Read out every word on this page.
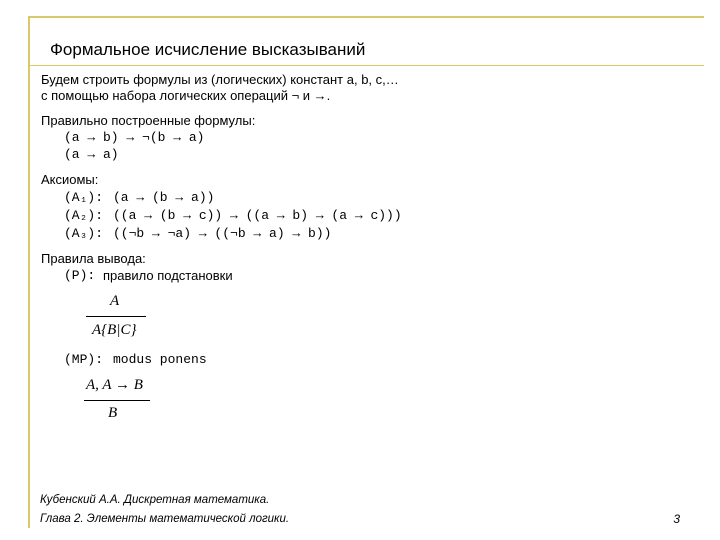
Формальное исчисление высказываний
Будем строить формулы из (логических) констант a, b, c,…
с помощью набора логических операций ¬ и →.
Правильно построенные формулы:
(a → b) → ¬(b → a)
(a → a)
Аксиомы:
(A₁): (a → (b → a))
(A₂): ((a → (b → c)) → ((a → b) → (a → c)))
(A₃): ((¬b → ¬a) → ((¬b → a) → b))
Правила вывода:
(P): правило подстановки
A
A{B|C}
(MP): modus ponens
A, A → B
B
Кубенский А.А. Дискретная математика.
Глава 2. Элементы математической логики.	3
